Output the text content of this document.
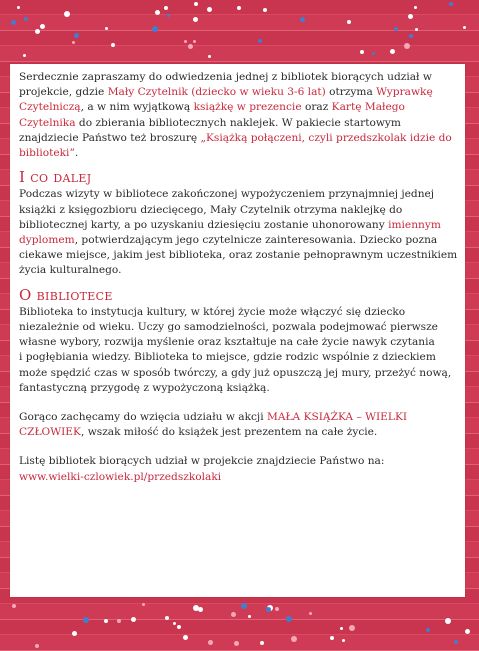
Serdecznie zapraszamy do odwiedzenia jednej z bibliotek biorących udział w projekcie, gdzie Mały Czytelnik (dziecko w wieku 3-6 lat) otrzyma Wyprawkę Czytelniczą, a w nim wyjątkową książkę w prezencie oraz Kartę Małego Czytelnika do zbierania bibliotecznych naklejek. W pakiecie startowym znajdziecie Państwo też broszurę „Książką połączeni, czyli przedszkolak idzie do biblioteki”.

I co dalej

Podczas wizyty w bibliotece zakończonej wypożyczeniem przynajmniej jednej książki z księgozbioru dziecięcego, Mały Czytelnik otrzyma naklejkę do bibliotecznej karty, a po uzyskaniu dziesięciu zostanie uhonorowany imiennym dyplomem, potwierdzającym jego czytelnicze zainteresowania. Dziecko pozna ciekawe miejsce, jakim jest biblioteka, oraz zostanie pełnoprawnym uczestnikiem życia kulturalnego.

O bibliotece

Biblioteka to instytucja kultury, w której życie może włączyć się dziecko niezależnie od wieku. Uczy go samodzielności, pozwala podejmować pierwsze własne wybory, rozwija myślenie oraz kształtuje na całe życie nawyk czytania

i pogłębiania wiedzy. Biblioteka to miejsce, gdzie rodzic wspólnie z dzieckiem może spędzić czas w sposób twórczy, a gdy już opuszczą jej mury, przeżyć nową, fantastyczną przygodę z wypożyczoną książką.

Gorąco zachęcamy do wzięcia udziału w akcji MAŁA KSIĄŻKA – WIELKI CZŁOWIEK, wszak miłość do książek jest prezentem na całe życie.

Listę bibliotek biorących udział w projekcie znajdziecie Państwo na:

www.wielki-czlowiek.pl/przedszkolaki
